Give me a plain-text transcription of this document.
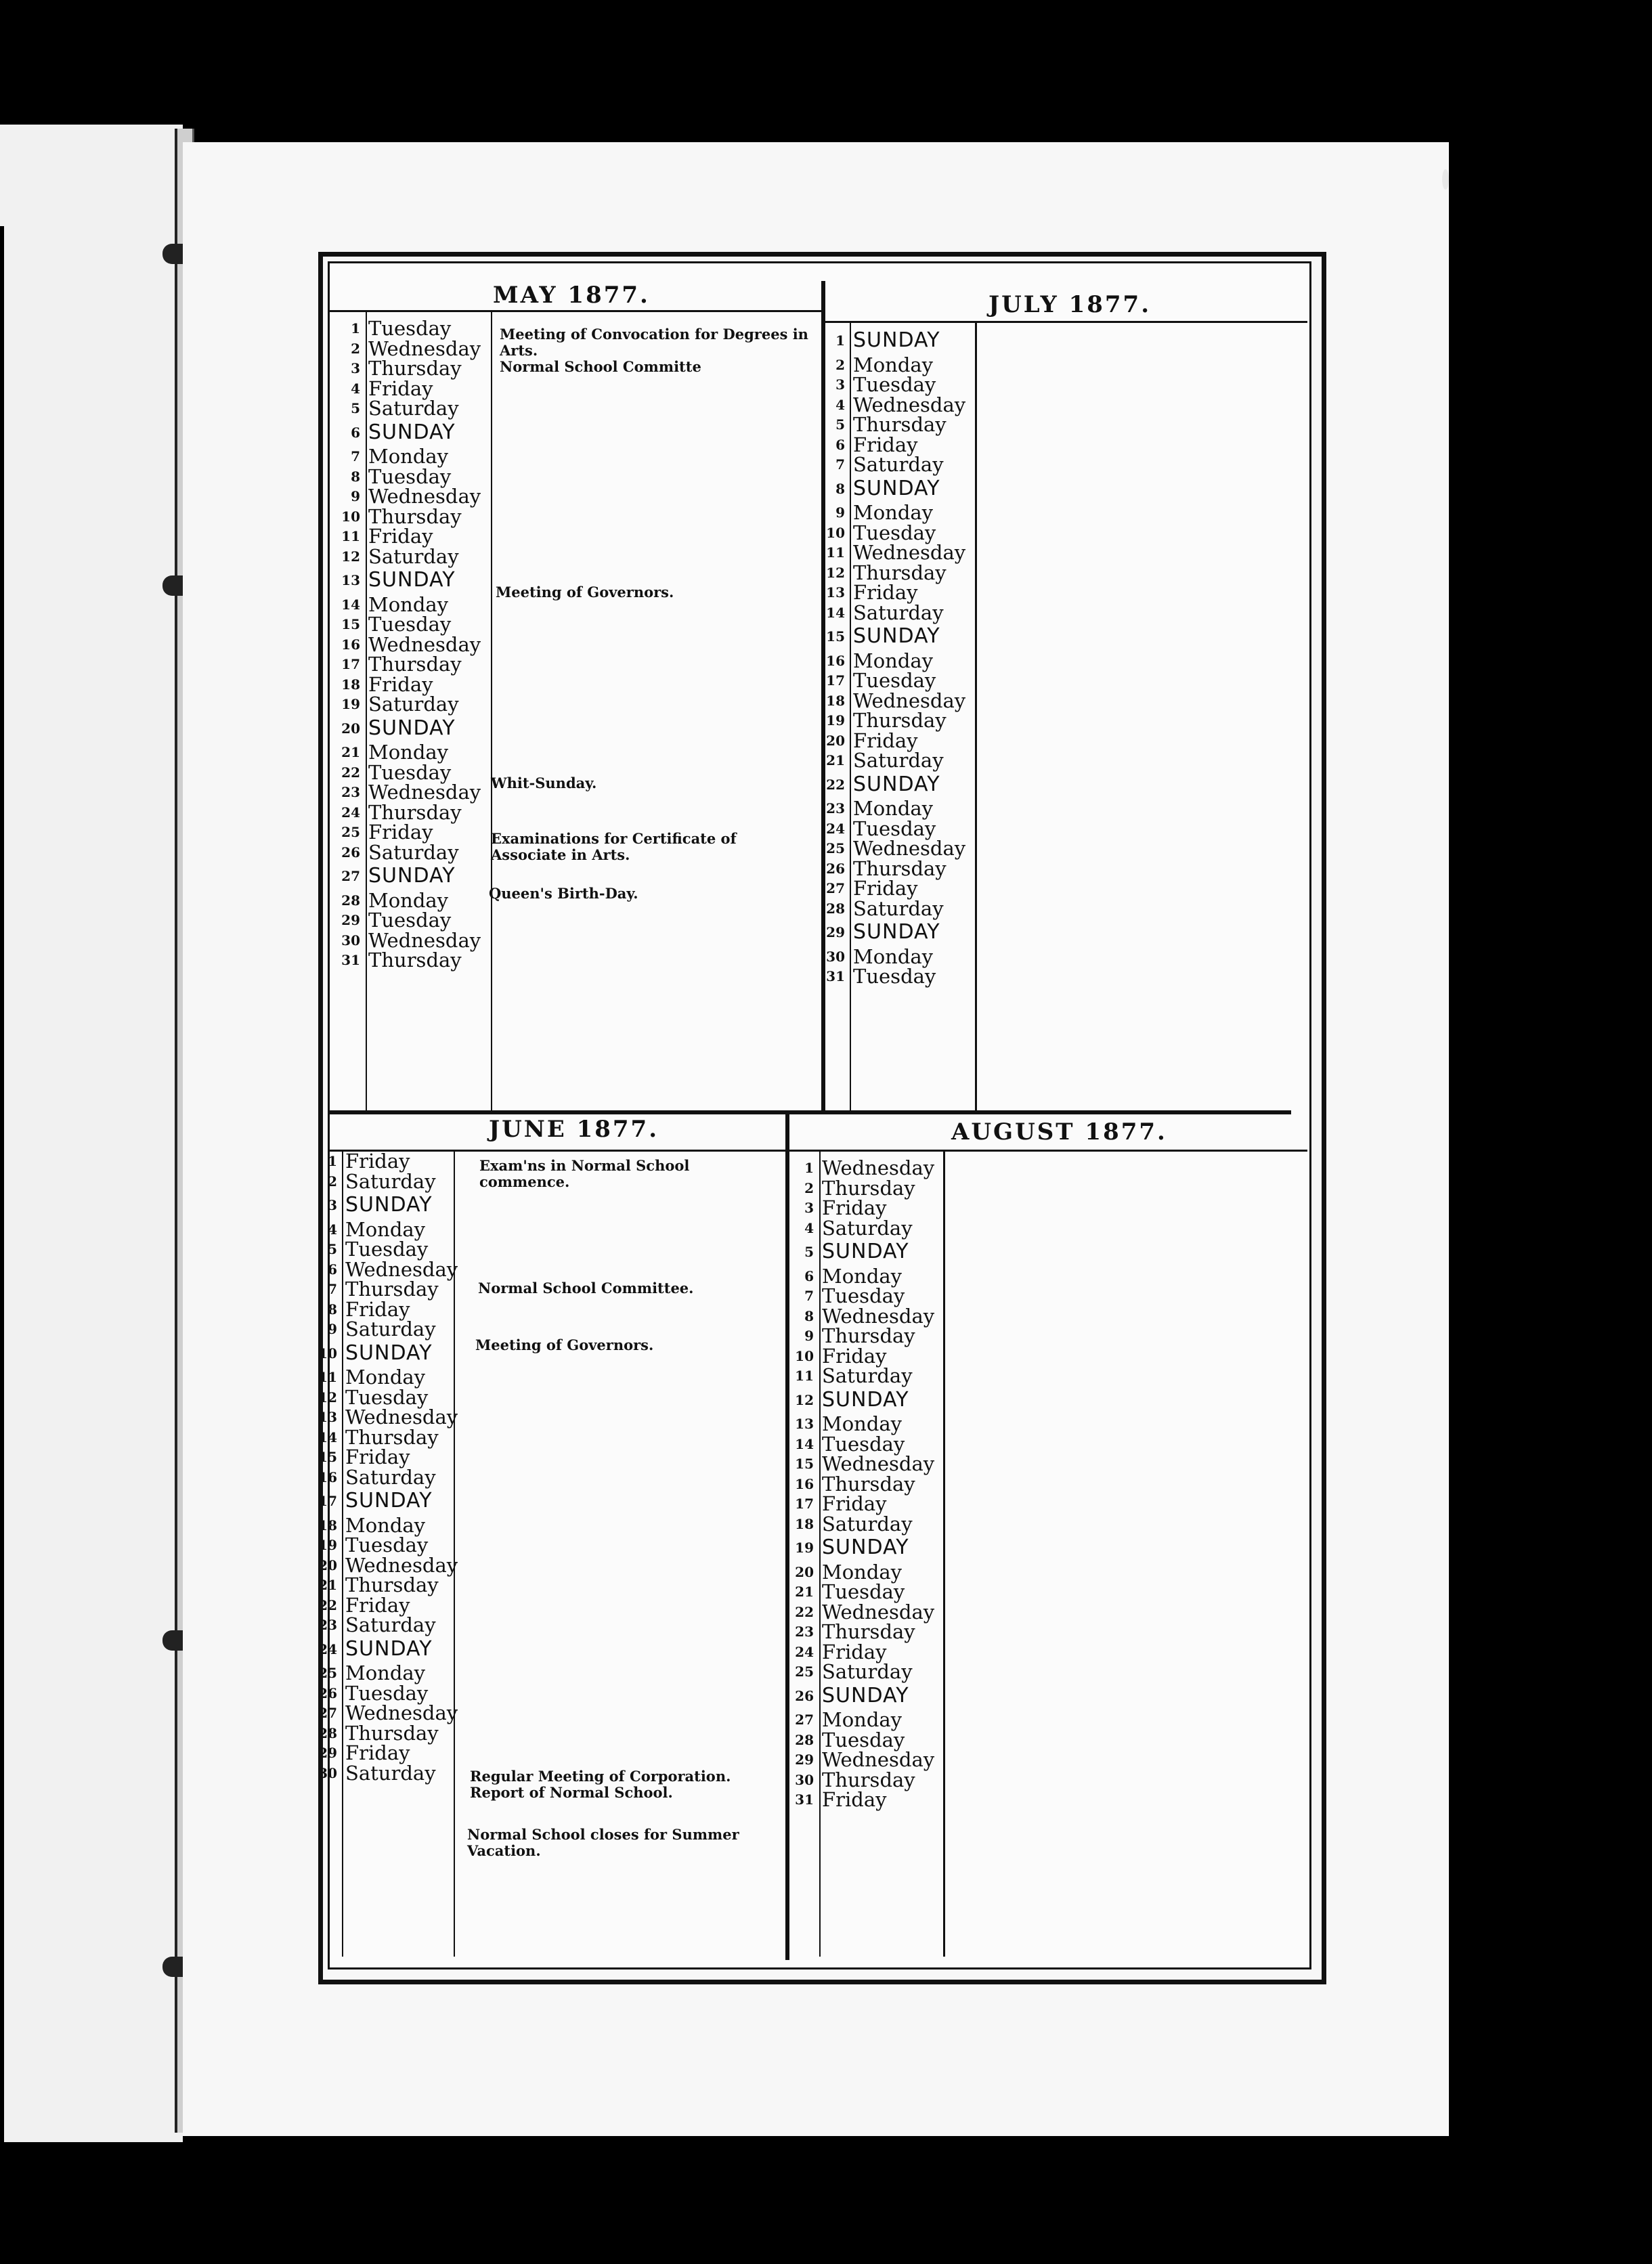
MAY 1877.	JULY 1877.
JUNE 1877.	AUGUST 1877.
1 Tuesday
2 Wednesday
3 Thursday
4 Friday
5 Saturday
6 SUNDAY
7 Monday
8 Tuesday
9 Wednesday
10 Thursday
11 Friday
12 Saturday
13 SUNDAY
14 Monday
15 Tuesday
16 Wednesday
17 Thursday
18 Friday
19 Saturday
20 SUNDAY
21 Monday
22 Tuesday
23 Wednesday
24 Thursday
25 Friday
26 Saturday
27 SUNDAY
28 Monday
29 Tuesday
30 Wednesday
31 Thursday
1 SUNDAY
2 Monday
3 Tuesday
4 Wednesday
5 Thursday
6 Friday
7 Saturday
8 SUNDAY
9 Monday
10 Tuesday
11 Wednesday
12 Thursday
13 Friday
14 Saturday
15 SUNDAY
16 Monday
17 Tuesday
18 Wednesday
19 Thursday
20 Friday
21 Saturday
22 SUNDAY
23 Monday
24 Tuesday
25 Wednesday
26 Thursday
27 Friday
28 Saturday
29 SUNDAY
30 Monday
31 Tuesday
1 Friday
2 Saturday
3 SUNDAY
4 Monday
5 Tuesday
6 Wednesday
7 Thursday
8 Friday
9 Saturday
10 SUNDAY
11 Monday
12 Tuesday
13 Wednesday
14 Thursday
15 Friday
16 Saturday
17 SUNDAY
18 Monday
19 Tuesday
20 Wednesday
21 Thursday
22 Friday
23 Saturday
24 SUNDAY
25 Monday
26 Tuesday
27 Wednesday
28 Thursday
29 Friday
30 Saturday
1 Wednesday
2 Thursday
3 Friday
4 Saturday
5 SUNDAY
6 Monday
7 Tuesday
8 Wednesday
9 Thursday
10 Friday
11 Saturday
12 SUNDAY
13 Monday
14 Tuesday
15 Wednesday
16 Thursday
17 Friday
18 Saturday
19 SUNDAY
20 Monday
21 Tuesday
22 Wednesday
23 Thursday
24 Friday
25 Saturday
26 SUNDAY
27 Monday
28 Tuesday
29 Wednesday
30 Thursday
31 Friday
Meeting of Convocation for Degrees in Arts.
Normal School Committe
Meeting of Governors.
Whit-Sunday.
Examinations for Certificate of Associate in Arts.
Queen's Birth-Day.
Exam'ns in Normal School commence.
Normal School Committee.
Meeting of Governors.
Regular Meeting of Corporation. Report of Normal School.
Normal School closes for Summer Vacation.
